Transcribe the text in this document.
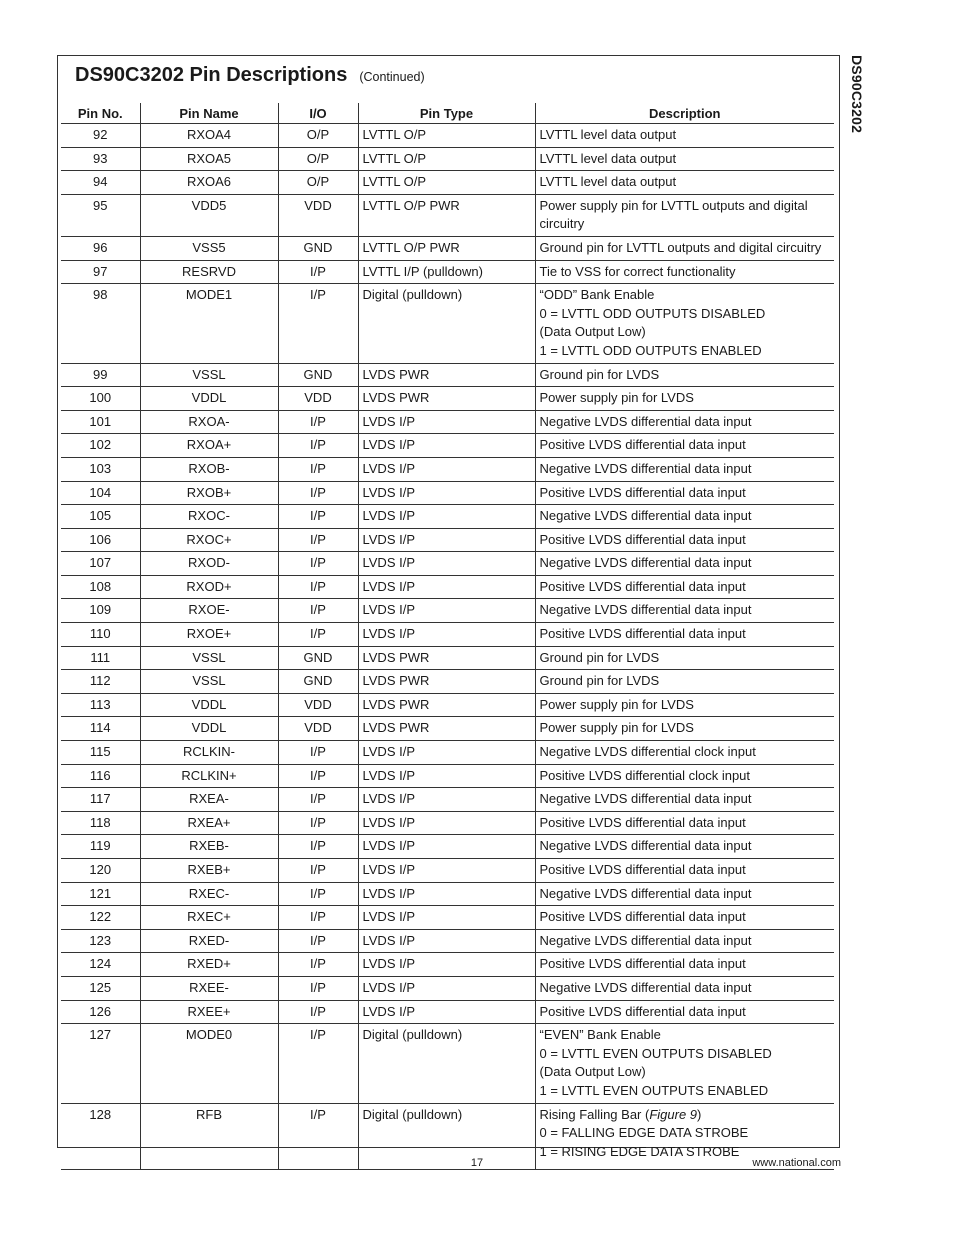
DS90C3202
DS90C3202 Pin Descriptions (Continued)
Pin No.	Pin Name	I/O	Pin Type	Description
92	RXOA4	O/P	LVTTL O/P	LVTTL level data output

93	RXOA5	O/P	LVTTL O/P	LVTTL level data output

94	RXOA6	O/P	LVTTL O/P	LVTTL level data output

95	VDD5	VDD	LVTTL O/P PWR	Power supply pin for LVTTL outputs and digital circuitry

96	VSS5	GND	LVTTL O/P PWR	Ground pin for LVTTL outputs and digital circuitry

97	RESRVD	I/P	LVTTL I/P (pulldown)	Tie to VSS for correct functionality

98	MODE1	I/P	Digital (pulldown)	“ODD” Bank Enable
0 = LVTTL ODD OUTPUTS DISABLED
(Data Output Low)
1 = LVTTL ODD OUTPUTS ENABLED

99	VSSL	GND	LVDS PWR	Ground pin for LVDS

100	VDDL	VDD	LVDS PWR	Power supply pin for LVDS

101	RXOA-	I/P	LVDS I/P	Negative LVDS differential data input

102	RXOA+	I/P	LVDS I/P	Positive LVDS differential data input

103	RXOB-	I/P	LVDS I/P	Negative LVDS differential data input

104	RXOB+	I/P	LVDS I/P	Positive LVDS differential data input

105	RXOC-	I/P	LVDS I/P	Negative LVDS differential data input

106	RXOC+	I/P	LVDS I/P	Positive LVDS differential data input

107	RXOD-	I/P	LVDS I/P	Negative LVDS differential data input

108	RXOD+	I/P	LVDS I/P	Positive LVDS differential data input

109	RXOE-	I/P	LVDS I/P	Negative LVDS differential data input

110	RXOE+	I/P	LVDS I/P	Positive LVDS differential data input

111	VSSL	GND	LVDS PWR	Ground pin for LVDS

112	VSSL	GND	LVDS PWR	Ground pin for LVDS

113	VDDL	VDD	LVDS PWR	Power supply pin for LVDS

114	VDDL	VDD	LVDS PWR	Power supply pin for LVDS

115	RCLKIN-	I/P	LVDS I/P	Negative LVDS differential clock input

116	RCLKIN+	I/P	LVDS I/P	Positive LVDS differential clock input

117	RXEA-	I/P	LVDS I/P	Negative LVDS differential data input

118	RXEA+	I/P	LVDS I/P	Positive LVDS differential data input

119	RXEB-	I/P	LVDS I/P	Negative LVDS differential data input

120	RXEB+	I/P	LVDS I/P	Positive LVDS differential data input

121	RXEC-	I/P	LVDS I/P	Negative LVDS differential data input

122	RXEC+	I/P	LVDS I/P	Positive LVDS differential data input

123	RXED-	I/P	LVDS I/P	Negative LVDS differential data input

124	RXED+	I/P	LVDS I/P	Positive LVDS differential data input

125	RXEE-	I/P	LVDS I/P	Negative LVDS differential data input

126	RXEE+	I/P	LVDS I/P	Positive LVDS differential data input

127	MODE0	I/P	Digital (pulldown)	“EVEN” Bank Enable
0 = LVTTL EVEN OUTPUTS DISABLED
(Data Output Low)
1 = LVTTL EVEN OUTPUTS ENABLED

128	RFB	I/P	Digital (pulldown)	Rising Falling Bar (Figure 9)
0 = FALLING EDGE DATA STROBE
1 = RISING EDGE DATA STROBE
17	www.national.com
